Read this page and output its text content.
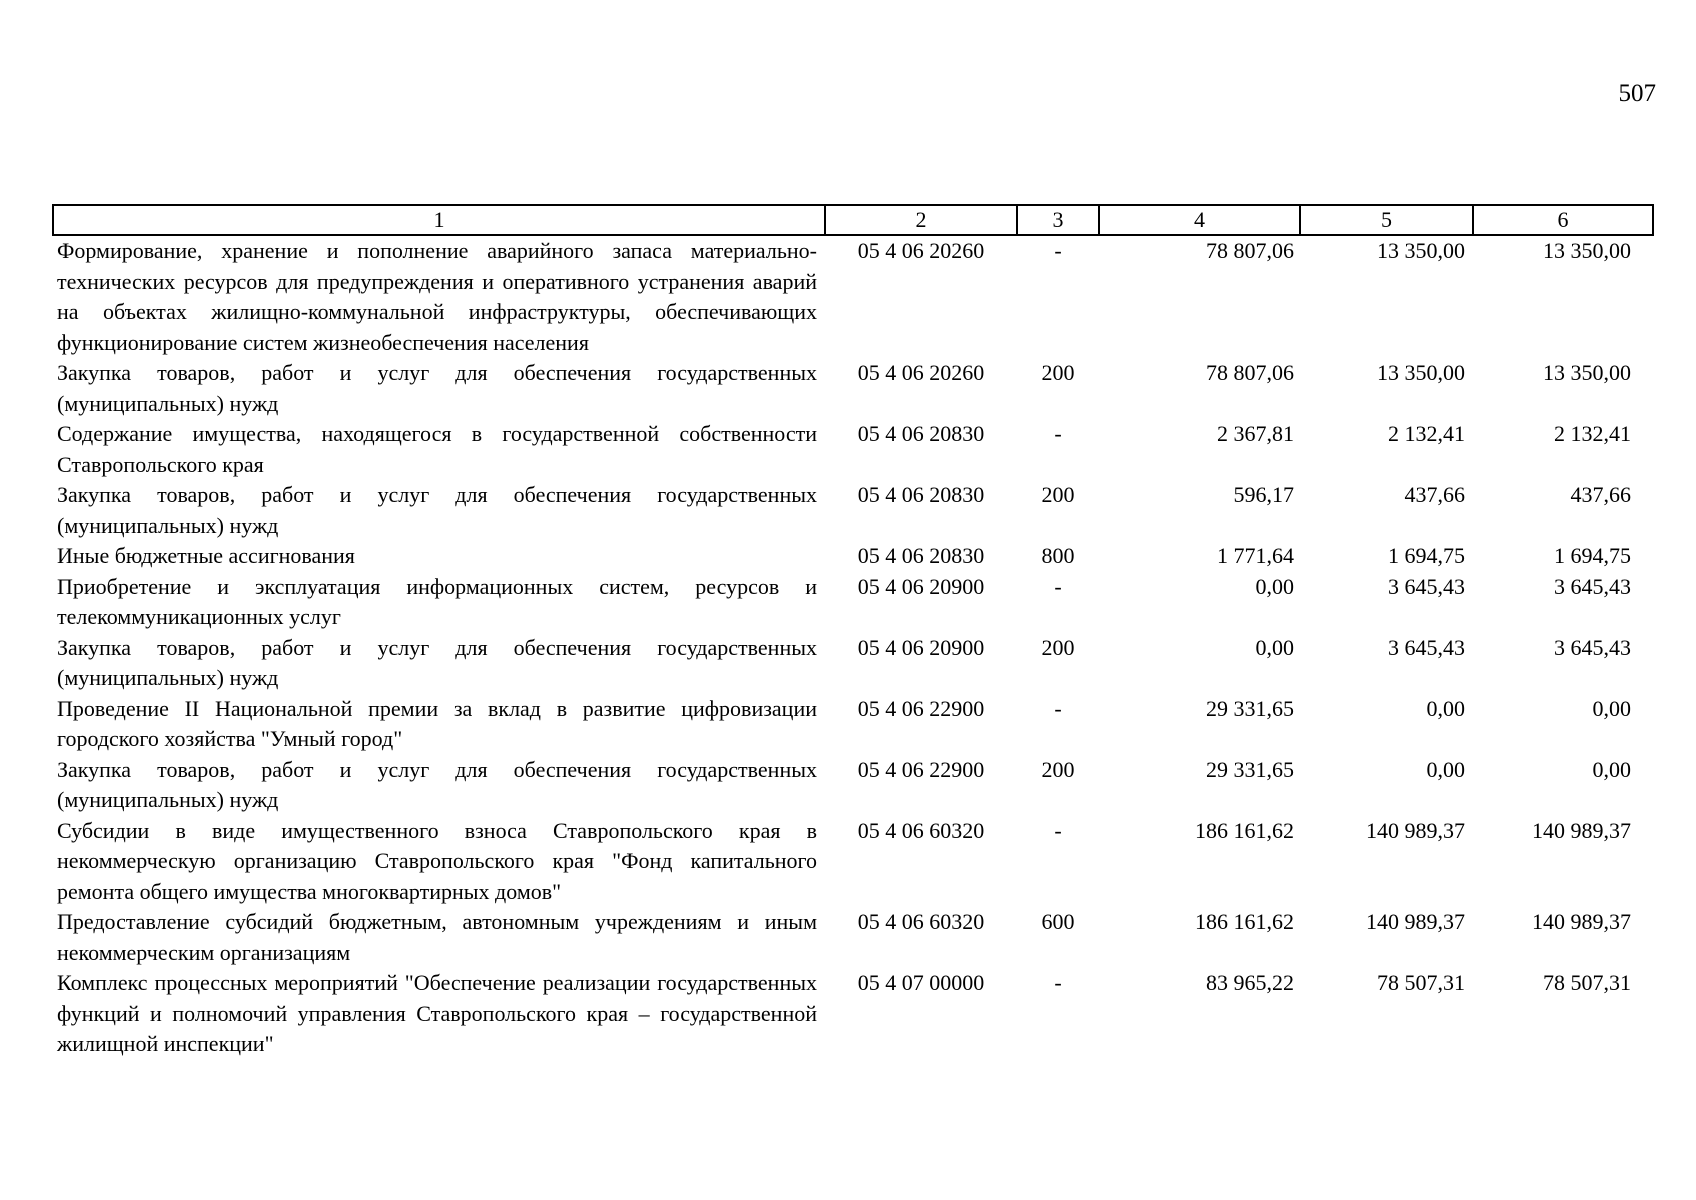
507
1	2	3	4	5	6
Формирование, хранение и пополнение аварийного запаса материально-технических ресурсов для предупреждения и оперативного устранения аварий на объектах жилищно-коммунальной инфраструктуры, обеспечивающих функционирование систем жизнеобеспечения населения	05 4 06 20260	-	78 807,06	13 350,00	13 350,00
Закупка товаров, работ и услуг для обеспечения государственных (муниципальных) нужд	05 4 06 20260	200	78 807,06	13 350,00	13 350,00
Содержание имущества, находящегося в государственной собственности Ставропольского края	05 4 06 20830	-	2 367,81	2 132,41	2 132,41
Закупка товаров, работ и услуг для обеспечения государственных (муниципальных) нужд	05 4 06 20830	200	596,17	437,66	437,66
Иные бюджетные ассигнования	05 4 06 20830	800	1 771,64	1 694,75	1 694,75
Приобретение и эксплуатация информационных систем, ресурсов и телекоммуникационных услуг	05 4 06 20900	-	0,00	3 645,43	3 645,43
Закупка товаров, работ и услуг для обеспечения государственных (муниципальных) нужд	05 4 06 20900	200	0,00	3 645,43	3 645,43
Проведение II Национальной премии за вклад в развитие цифровизации городского хозяйства "Умный город"	05 4 06 22900	-	29 331,65	0,00	0,00
Закупка товаров, работ и услуг для обеспечения государственных (муниципальных) нужд	05 4 06 22900	200	29 331,65	0,00	0,00
Субсидии в виде имущественного взноса Ставропольского края в некоммерческую организацию Ставропольского края "Фонд капитального ремонта общего имущества многоквартирных домов"	05 4 06 60320	-	186 161,62	140 989,37	140 989,37
Предоставление субсидий бюджетным, автономным учреждениям и иным некоммерческим организациям	05 4 06 60320	600	186 161,62	140 989,37	140 989,37
Комплекс процессных мероприятий "Обеспечение реализации государственных функций и полномочий управления Ставропольского края – государственной жилищной инспекции"	05 4 07 00000	-	83 965,22	78 507,31	78 507,31
